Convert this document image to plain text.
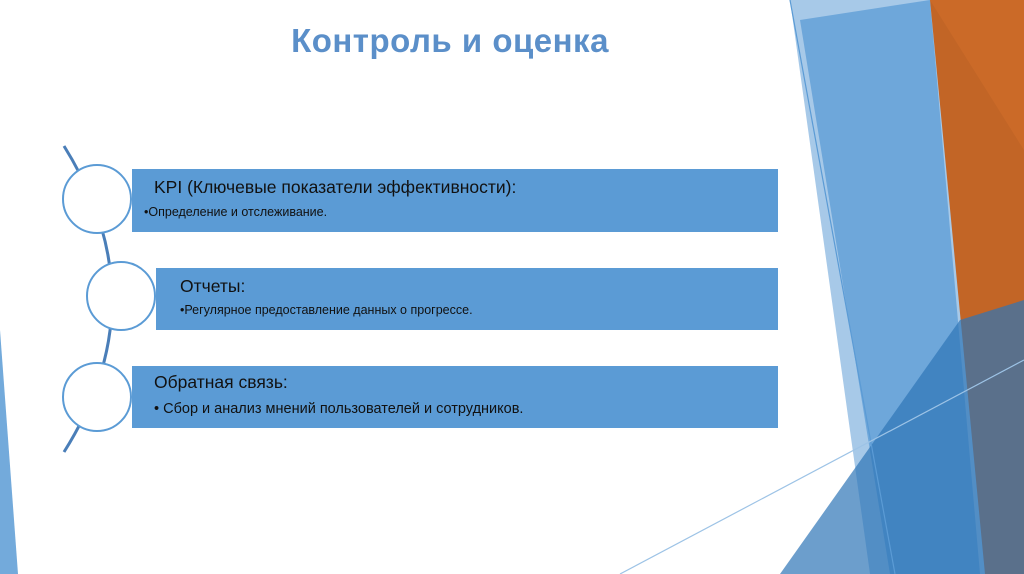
Контроль и оценка
KPI (Ключевые показатели эффективности):
•Определение и отслеживание.
Отчеты:
•Регулярное предоставление данных о прогрессе.
Обратная связь:
• Сбор и анализ мнений пользователей и сотрудников.
